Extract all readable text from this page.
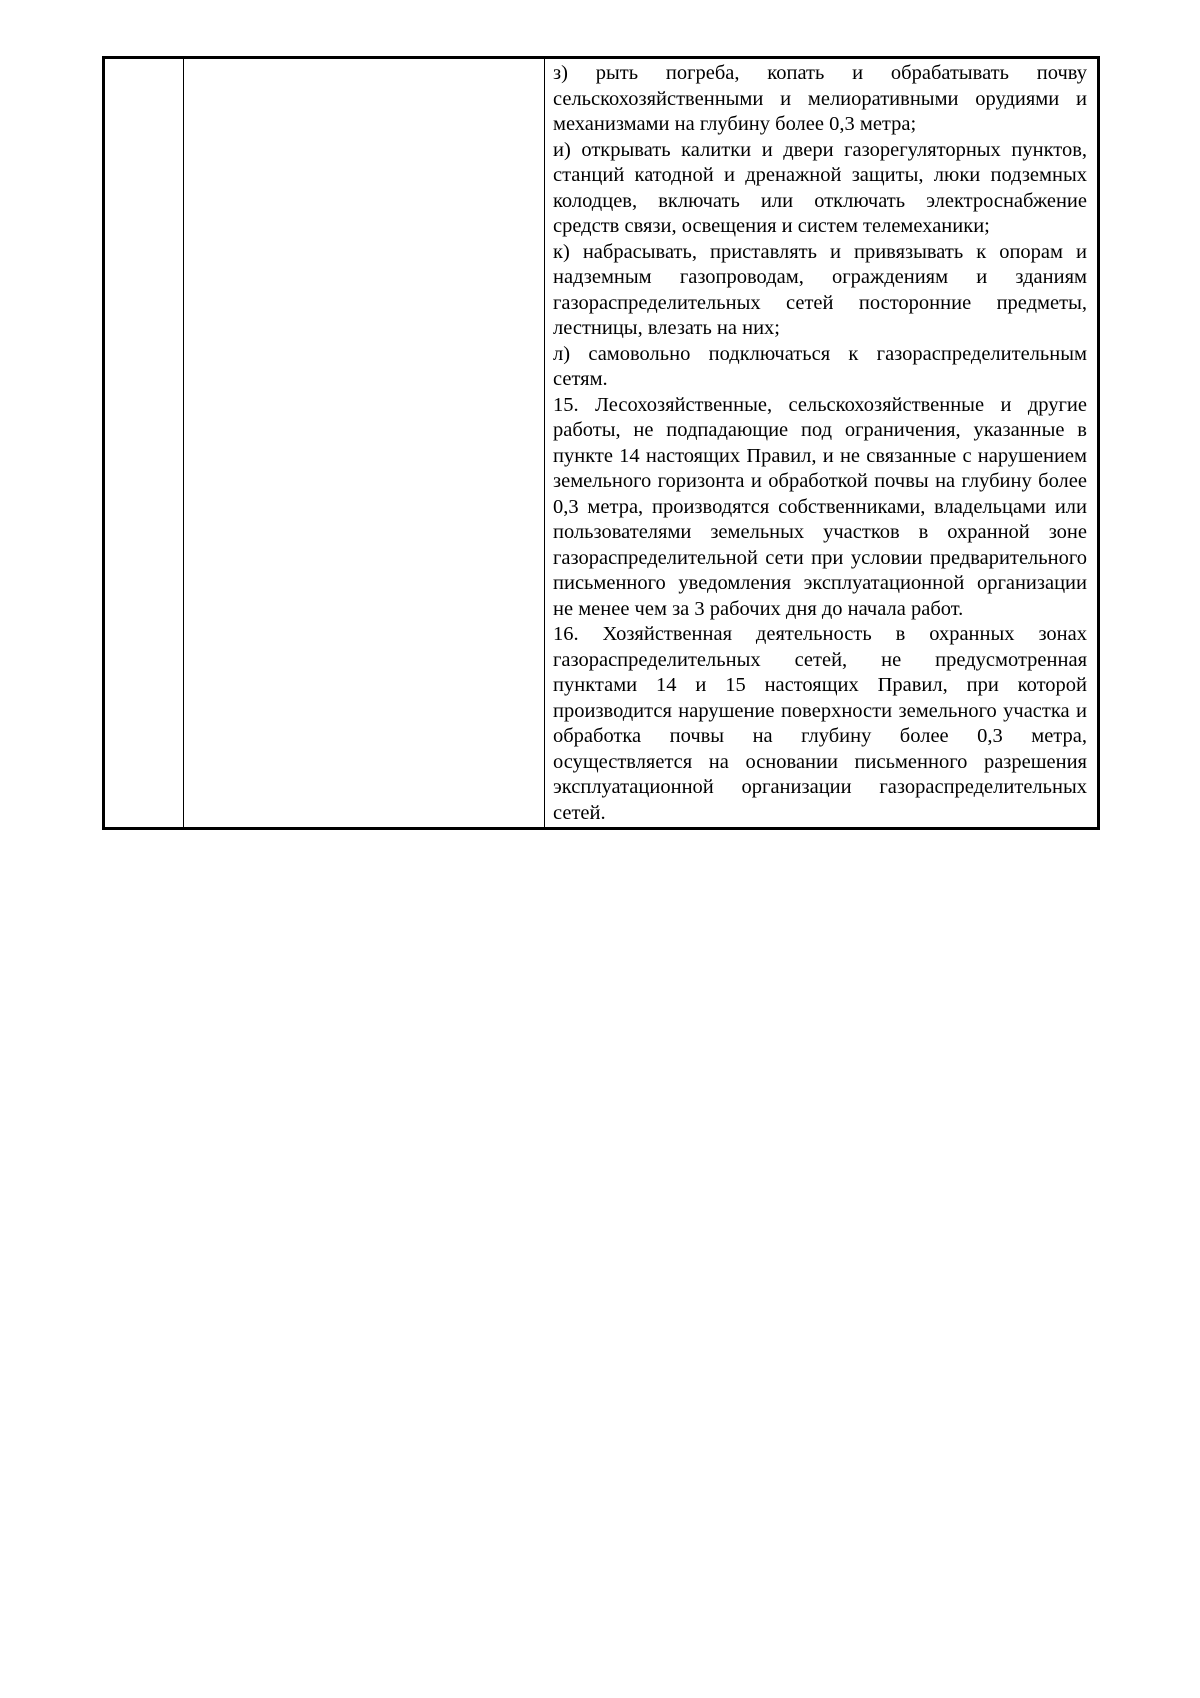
з) рыть погреба, копать и обрабатывать почву сельскохозяйственными и мелиоративными орудиями и механизмами на глубину более 0,3 метра;

и) открывать калитки и двери газорегуляторных пунктов, станций катодной и дренажной защиты, люки подземных колодцев, включать или отключать электроснабжение средств связи, освещения и систем телемеханики;

к) набрасывать, приставлять и привязывать к опорам и надземным газопроводам, ограждениям и зданиям газораспределительных сетей посторонние предметы, лестницы, влезать на них;

л) самовольно подключаться к газораспределительным сетям.

15. Лесохозяйственные, сельскохозяйственные и другие работы, не подпадающие под ограничения, указанные в пункте 14 настоящих Правил, и не связанные с нарушением земельного горизонта и обработкой почвы на глубину более 0,3 метра, производятся собственниками, владельцами или пользователями земельных участков в охранной зоне газораспределительной сети при условии предварительного письменного уведомления эксплуатационной организации не менее чем за 3 рабочих дня до начала работ.

16. Хозяйственная деятельность в охранных зонах газораспределительных сетей, не предусмотренная пунктами 14 и 15 настоящих Правил, при которой производится нарушение поверхности земельного участка и обработка почвы на глубину более 0,3 метра, осуществляется на основании письменного разрешения эксплуатационной организации газораспределительных сетей.
